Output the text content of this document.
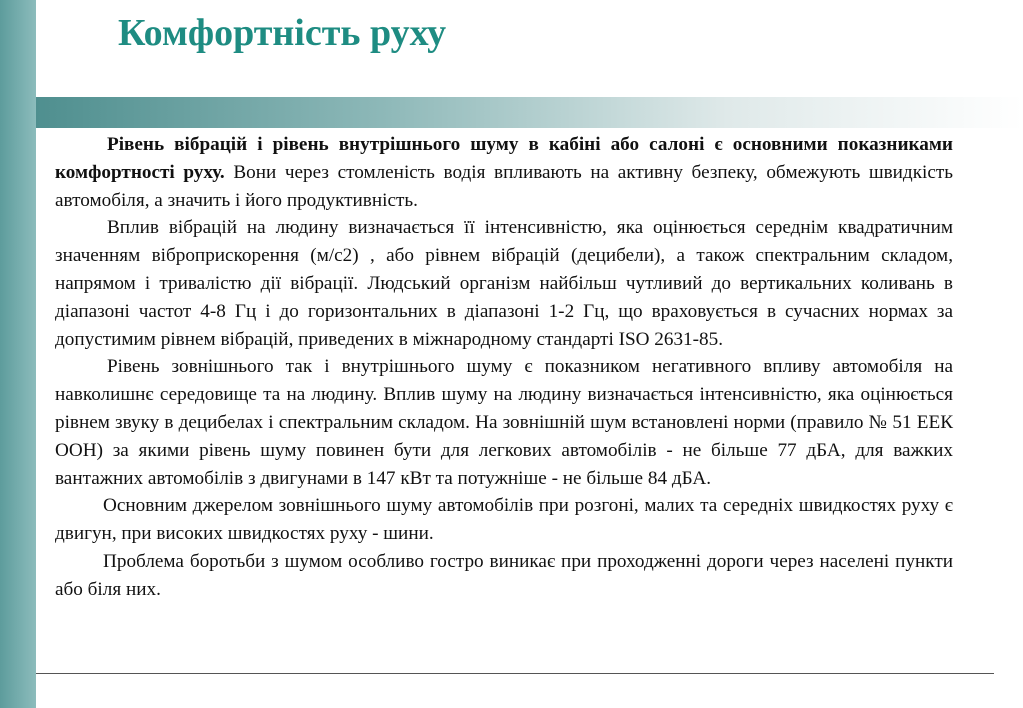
Комфортність руху

Рівень вібрацій і рівень внутрішнього шуму в кабіні або салоні є основними показниками комфортності руху. Вони через стомленість водія впливають на активну безпеку, обмежують швидкість автомобіля, а значить і його продуктивність.

Вплив вібрацій на людину визначається її інтенсивністю, яка оцінюється середнім квадратичним значенням віброприскорення (м/с2) , або рівнем вібрацій (децибели), а також спектральним складом, напрямом і тривалістю дії вібрації. Людський організм найбільш чутливий до вертикальних коливань в діапазоні частот 4-8 Гц і до горизонтальних в діапазоні 1-2 Гц, що враховується в сучасних нормах за допустимим рівнем вібрацій, приведених в міжнародному стандарті ISO 2631-85.

Рівень зовнішнього так і внутрішнього шуму є показником негативного впливу автомобіля на навколишнє середовище та на людину. Вплив шуму на людину визначається інтенсивністю, яка оцінюється рівнем звуку в децибелах і спектральним складом. На зовнішній шум встановлені норми (правило № 51 ЕЕК ООН) за якими рівень шуму повинен бути для легкових автомобілів - не більше 77 дБА, для важких вантажних автомобілів з двигунами в 147 кВт та потужніше - не більше 84 дБА.

Основним джерелом зовнішнього шуму автомобілів при розгоні, малих та середніх швидкостях руху є двигун, при високих швидкостях руху - шини.

Проблема боротьби з шумом особливо гостро виникає при проходженні дороги через населені пункти або біля них.
